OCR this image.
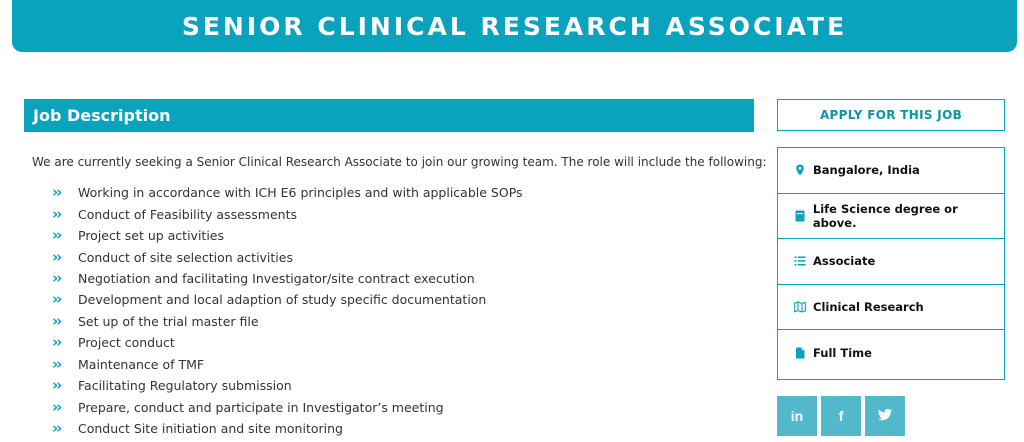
SENIOR CLINICAL RESEARCH ASSOCIATE
Job Description

We are currently seeking a Senior Clinical Research Associate to join our growing team. The role will include the following:

››	Working in accordance with ICH E6 principles and with applicable SOPs
››	Conduct of Feasibility assessments
››	Project set up activities
››	Conduct of site selection activities
››	Negotiation and facilitating Investigator/site contract execution
››	Development and local adaption of study specific documentation
››	Set up of the trial master file
››	Project conduct
››	Maintenance of TMF
››	Facilitating Regulatory submission
››	Prepare, conduct and participate in Investigator’s meeting
››	Conduct Site initiation and site monitoring
APPLY FOR THIS JOB
Bangalore, India
Life Science degree or above.
Associate
Clinical Research
Full Time
in	f
